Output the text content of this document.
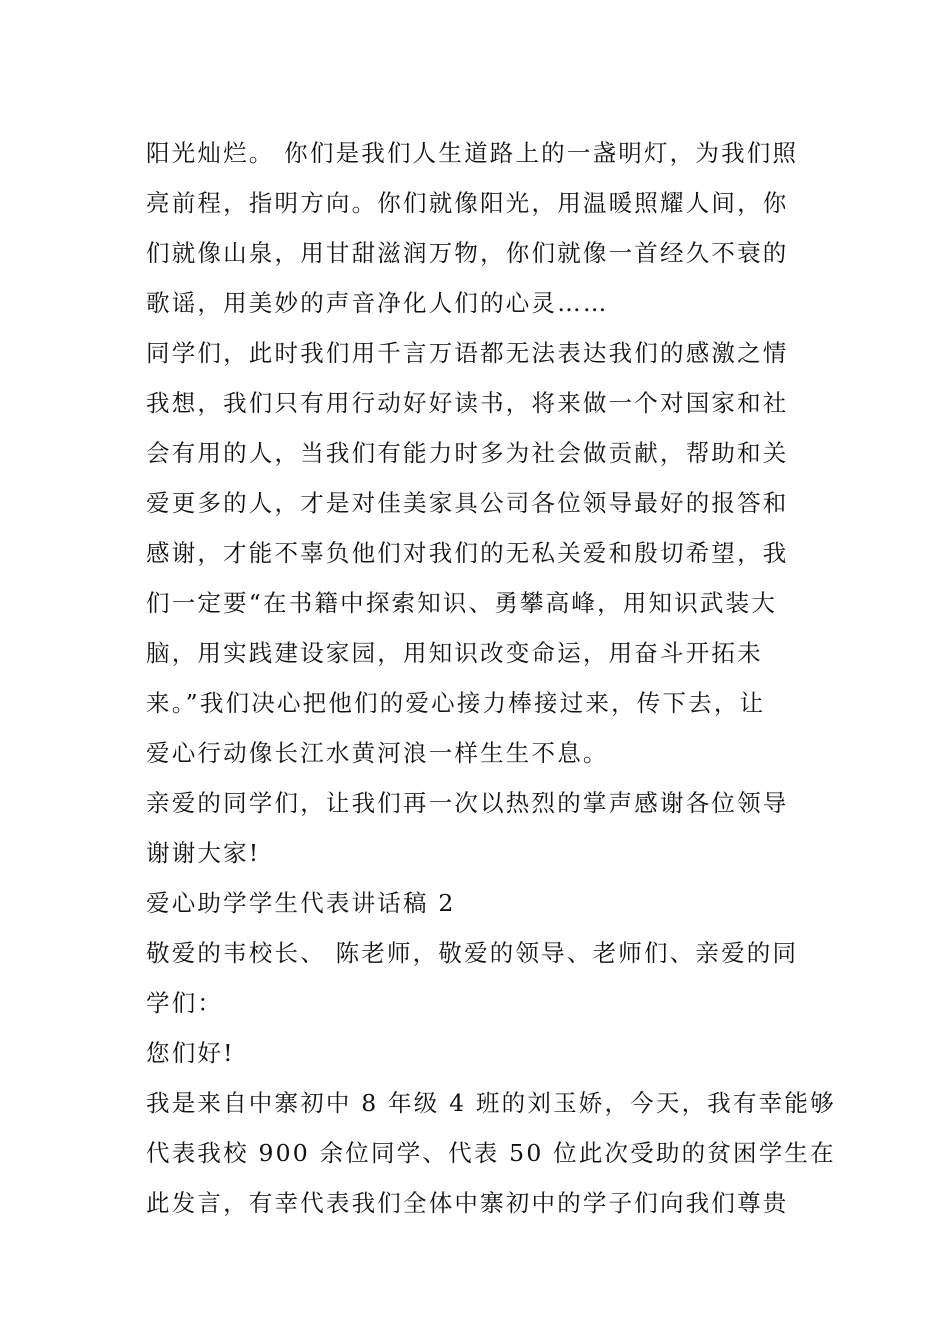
阳光灿烂。 你们是我们人生道路上的一盏明灯，为我们照
亮前程，指明方向。你们就像阳光，用温暖照耀人间，你
们就像山泉，用甘甜滋润万物，你们就像一首经久不衰的
歌谣，用美妙的声音净化人们的心灵……
同学们，此时我们用千言万语都无法表达我们的感激之情
我想，我们只有用行动好好读书，将来做一个对国家和社
会有用的人，当我们有能力时多为社会做贡献，帮助和关
爱更多的人，才是对佳美家具公司各位领导最好的报答和
感谢，才能不辜负他们对我们的无私关爱和殷切希望，我
们一定要“在书籍中探索知识、勇攀高峰，用知识武装大
脑，用实践建设家园，用知识改变命运，用奋斗开拓未
来。”我们决心把他们的爱心接力棒接过来，传下去，让
爱心行动像长江水黄河浪一样生生不息。
亲爱的同学们，让我们再一次以热烈的掌声感谢各位领导
谢谢大家!
爱心助学学生代表讲话稿 2
敬爱的韦校长、 陈老师，敬爱的领导、老师们、亲爱的同
学们：
您们好!
我是来自中寨初中 8 年级 4 班的刘玉娇，今天，我有幸能够
代表我校 900 余位同学、代表 50 位此次受助的贫困学生在
此发言，有幸代表我们全体中寨初中的学子们向我们尊贵
